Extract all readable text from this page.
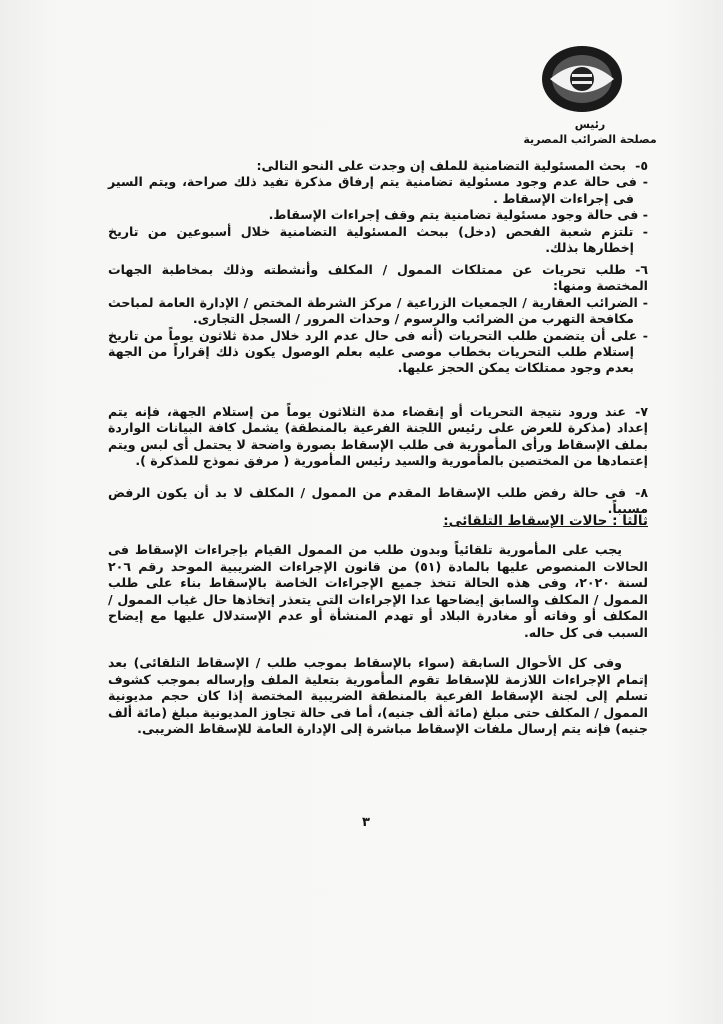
رئيس
مصلحة الضرائب المصرية

٥-بحث المسئولية التضامنية للملف إن وجدت على النحو التالى:

- فى حالة عدم وجود مسئولية تضامنية يتم إرفاق مذكرة تفيد ذلك صراحة، ويتم السير فى إجراءات الإسقاط .

- فى حالة وجود مسئولية تضامنية يتم وقف إجراءات الإسقاط.

- تلتزم شعبة الفحص (دخل) ببحث المسئولية التضامنية خلال أسبوعين من تاريخ إخطارها بذلك.

٦-طلب تحريات عن ممتلكات الممول / المكلف وأنشطته وذلك بمخاطبة الجهات المختصة ومنها:

- الضرائب العقارية / الجمعيات الزراعية / مركز الشرطة المختص / الإدارة العامة لمباحث مكافحة التهرب من الضرائب والرسوم / وحدات المرور / السجل التجارى.

- على أن يتضمن طلب التحريات (أنه فى حال عدم الرد خلال مدة ثلاثون يوماً من تاريخ إستلام طلب التحريات بخطاب موصى عليه بعلم الوصول يكون ذلك إقراراً من الجهة بعدم وجود ممتلكات يمكن الحجز عليها.

٧-عند ورود نتيجة التحريات أو إنقضاء مدة الثلاثون يوماً من إستلام الجهة، فإنه يتم إعداد (مذكرة للعرض على رئيس اللجنة الفرعية بالمنطقة) يشمل كافة البيانات الواردة بملف الإسقاط ورأى المأمورية فى طلب الإسقاط بصورة واضحة لا يحتمل أى لبس ويتم إعتمادها من المختصين بالمأمورية والسيد رئيس المأمورية ( مرفق نموذج للمذكرة ).

٨-فى حالة رفض طلب الإسقاط المقدم من الممول / المكلف لا بد أن يكون الرفض مسبباً.

ثالثا : حالات الإسقاط التلقائى:

يجب على المأمورية تلقائياً وبدون طلب من الممول القيام بإجراءات الإسقاط فى الحالات المنصوص عليها بالمادة (٥١) من قانون الإجراءات الضريبية الموحد رقم ٢٠٦ لسنة ٢٠٢٠، وفى هذه الحالة تتخذ جميع الإجراءات الخاصة بالإسقاط بناء على طلب الممول / المكلف والسابق إيضاحها عدا الإجراءات التى يتعذر إتخاذها حال غياب الممول / المكلف أو وفاته أو مغادرة البلاد أو تهدم المنشأة أو عدم الإستدلال عليها مع إيضاح السبب فى كل حاله.

وفى كل الأحوال السابقة (سواء بالإسقاط بموجب طلب / الإسقاط التلقائى) بعد إتمام الإجراءات اللازمة للإسقاط تقوم المأمورية بتعلية الملف وإرساله بموجب كشوف تسلم إلى لجنة الإسقاط الفرعية بالمنطقة الضريبية المختصة إذا كان حجم مديونية الممول / المكلف حتى مبلغ (مائة ألف جنيه)، أما فى حالة تجاوز المديونية مبلغ (مائة ألف جنيه) فإنه يتم إرسال ملفات الإسقاط مباشرة إلى الإدارة العامة للإسقاط الضريبى.

٣
